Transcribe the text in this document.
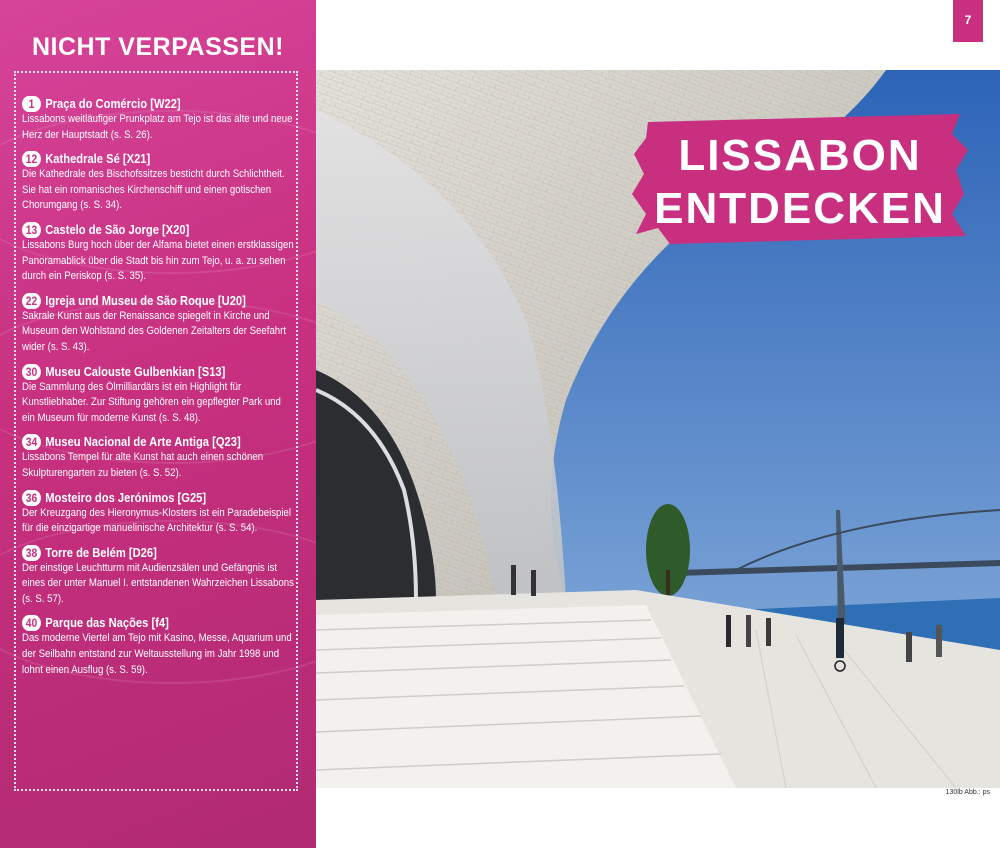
NICHT VERPASSEN!
1 Praça do Comércio [W22]
Lissabons weitläufiger Prunkplatz am Tejo ist das alte und neue Herz der Hauptstadt (s. S. 26).
12 Kathedrale Sé [X21]
Die Kathedrale des Bischofssitzes besticht durch Schlichtheit. Sie hat ein romanisches Kirchenschiff und einen gotischen Chorumgang (s. S. 34).
13 Castelo de São Jorge [X20]
Lissabons Burg hoch über der Alfama bietet einen erstklassigen Panoramablick über die Stadt bis hin zum Tejo, u. a. zu sehen durch ein Periskop (s. S. 35).
22 Igreja und Museu de São Roque [U20]
Sakrale Kunst aus der Renaissance spiegelt in Kirche und Museum den Wohlstand des Goldenen Zeitalters der Seefahrt wider (s. S. 43).
30 Museu Calouste Gulbenkian [S13]
Die Sammlung des Ölmilliardärs ist ein Highlight für Kunstliebhaber. Zur Stiftung gehören ein gepflegter Park und ein Museum für moderne Kunst (s. S. 48).
34 Museu Nacional de Arte Antiga [Q23]
Lissabons Tempel für alte Kunst hat auch einen schönen Skulpturengarten zu bieten (s. S. 52).
36 Mosteiro dos Jerónimos [G25]
Der Kreuzgang des Hieronymus-Klosters ist ein Paradebeispiel für die einzigartige manuelinische Architektur (s. S. 54).
38 Torre de Belém [D26]
Der einstige Leuchtturm mit Audienzsälen und Gefängnis ist eines der unter Manuel I. entstandenen Wahrzeichen Lissabons (s. S. 57).
40 Parque das Nações [f4]
Das moderne Viertel am Tejo mit Kasino, Messe, Aquarium und der Seilbahn entstand zur Weltausstellung im Jahr 1998 und lohnt einen Ausflug (s. S. 59).
7
LISSABON
ENTDECKEN
130lb Abb.: ps
